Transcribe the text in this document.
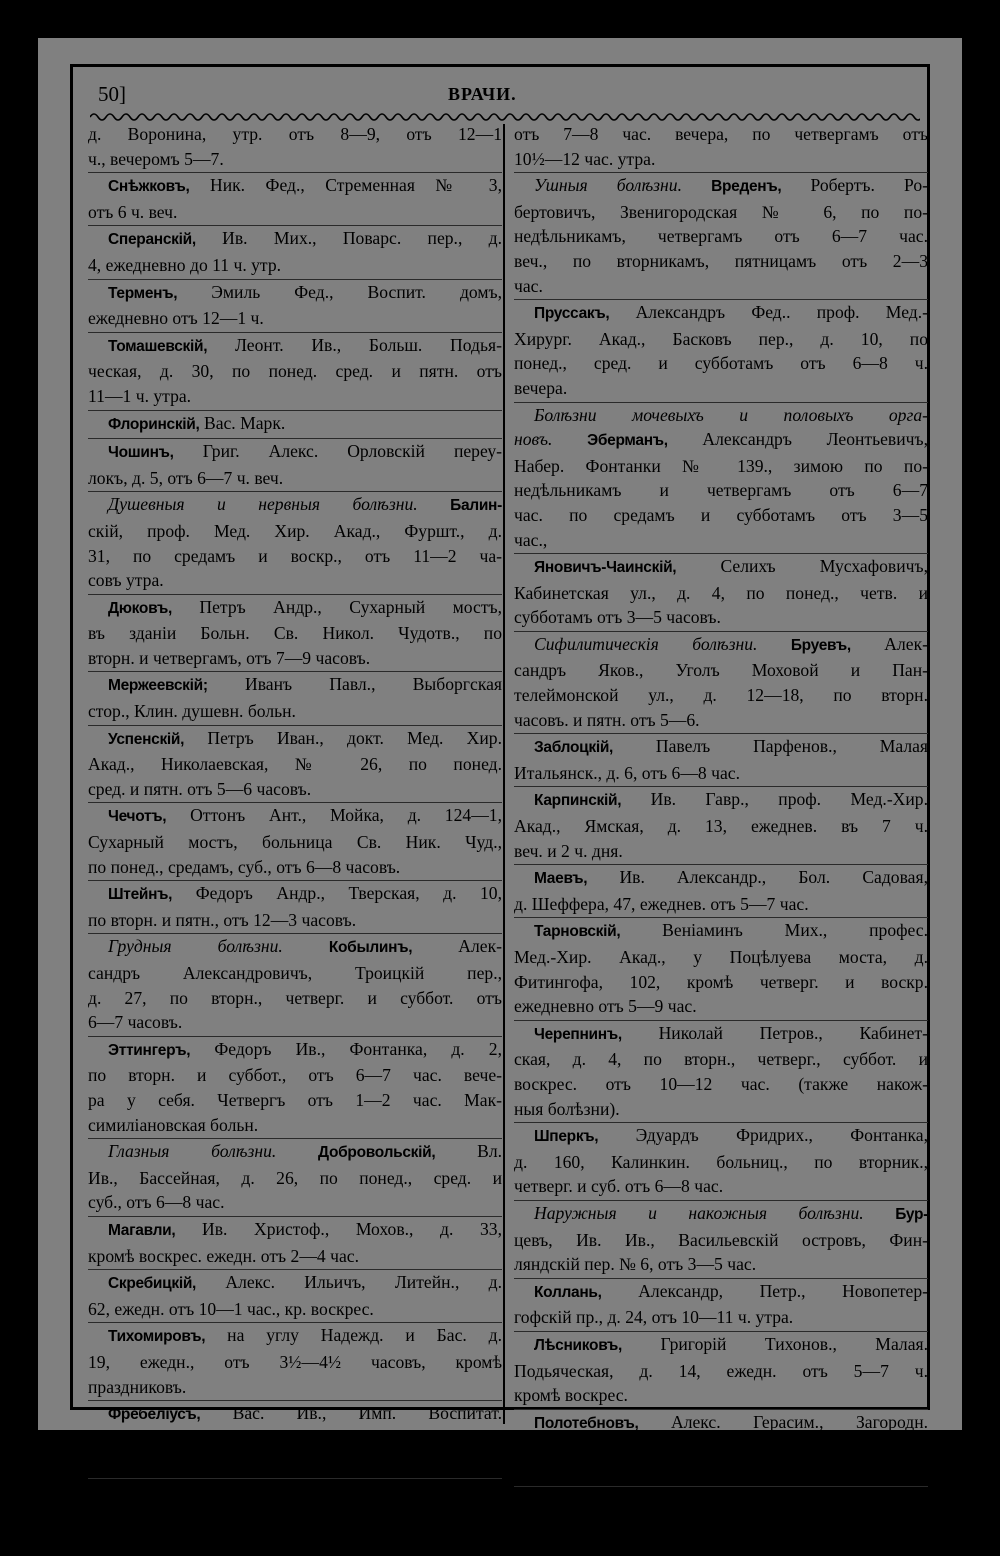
50]	ВРАЧИ.
д. Воронина, утр. отъ 8—9, отъ 12—1
ч., вечеромъ 5—7.
Снѣжковъ, Ник. Фед., Стременная № 3,
отъ 6 ч. веч.
Сперанскій, Ив. Мих., Поварс. пер., д.
4, ежедневно до 11 ч. утр.
Терменъ, Эмиль Фед., Воспит. домъ,
ежедневно отъ 12—1 ч.
Томашевскій, Леонт. Ив., Больш. Подья-
ческая, д. 30, по понед. сред. и пятн. отъ
11—1 ч. утра.
Флоринскій, Вас. Марк.
Чошинъ, Григ. Алекс. Орловскій переу-
локъ, д. 5, отъ 6—7 ч. веч.
Душевныя и нервныя болѣзни. Балин-
скій, проф. Мед. Хир. Акад., Фуршт., д.
31, по средамъ и воскр., отъ 11—2 ча-
совъ утра.
Дюковъ, Петръ Андр., Сухарный мостъ,
въ зданіи Больн. Св. Никол. Чудотв., по
вторн. и четвергамъ, отъ 7—9 часовъ.
Мержеевскій; Иванъ Павл., Выборгская
стор., Клин. душевн. больн.
Успенскій, Петръ Иван., докт. Мед. Хир.
Акад., Николаевская, № 26, по понед.
сред. и пятн. отъ 5—6 часовъ.
Чечотъ, Оттонъ Ант., Мойка, д. 124—1,
Сухарный мостъ, больница Св. Ник. Чуд.,
по понед., средамъ, суб., отъ 6—8 часовъ.
Штейнъ, Федоръ Андр., Тверская, д. 10,
по вторн. и пятн., отъ 12—3 часовъ.
Грудныя болѣзни.	Кобылинъ,	Алек-
сандръ Александровичъ, Троицкій пер.,
д. 27, по вторн., четверг. и суббот. отъ
6—7 часовъ.
Эттингеръ, Федоръ Ив., Фонтанка, д. 2,
по вторн. и суббот., отъ 6—7 час. вече-
ра у себя. Четвергъ отъ 1—2 час. Мак-
симиліановская больн.
Глазныя болѣзни.	Добровольскій, Вл.
Ив., Бассейная, д. 26, по понед., сред. и
суб., отъ 6—8 час.
Магавли, Ив. Христоф., Мохов., д. 33,
кромѣ воскрес. ежедн. отъ 2—4 час.
Скребицкій, Алекс. Ильичъ, Литейн., д.
62, ежедн. отъ 10—1 час., кр. воскрес.
Тихомировъ, на углу Надежд. и Бас. д.
19, ежедн., отъ 3½—4½ часовъ, кромѣ
праздниковъ.
Фребеліусъ, Вас. Ив., Имп. Воспитат.
Домъ, ежедн. отъ 12—2 часовъ. кромѣ
праздниковъ.
Юнге, Эдуардъ Андр., проф. М.-Х. Акад.,
Фурштадтск., д. 10. Глазн. леч.: Сергіевск.
ул., д. 3, по понед., вторн., сред., пятн.,
отъ 7—8 час. вечера, по четвергамъ отъ
10½—12 час. утра.
Ушныя болѣзни. Вреденъ, Робертъ. Ро-
бертовичъ, Звенигородская № 6, по по-
недѣльникамъ, четвергамъ отъ 6—7 час.
веч., по вторникамъ, пятницамъ отъ 2—3
час.
Пруссакъ, Александръ Фед.. проф. Мед.-
Хирург. Акад., Басковъ пер., д. 10, по
понед., сред. и субботамъ отъ 6—8 ч.
вечера.
Болѣзни мочевыхъ и половыхъ орга-
новъ. Эберманъ, Александръ Леонтьевичъ,
Набер. Фонтанки № 139., зимою по по-
недѣльникамъ и четвергамъ отъ 6—7
час. по средамъ и субботамъ отъ 3—5
час.,
Яновичъ-Чаинскій,	Селихъ Мусхафовичъ,
Кабинетская ул., д. 4, по понед., четв. и
субботамъ отъ 3—5 часовъ.
Сифилитическія болѣзни. Бруевъ, Алек-
сандръ Яков., Уголъ Моховой и Пан-
телеймонской ул., д. 12—18, по вторн.
часовъ. и пятн. отъ 5—6.
Заблоцкій, Павелъ Парфенов., Малая
Итальянск., д. 6, отъ 6—8 час.
Карпинскій, Ив. Гавр., проф. Мед.-Хир.
Акад., Ямская, д. 13, ежеднев. въ 7 ч.
веч. и 2 ч. дня.
Маевъ, Ив. Александр., Бол. Садовая,
д. Шеффера, 47, ежеднев. отъ 5—7 час.
Тарновскій, Веніаминъ Мих., профес.
Мед.-Хир. Акад., у Поцѣлуева моста, д.
Фитингофа, 102, кромѣ четверг. и воскр.
ежедневно отъ 5—9 час.
Черепнинъ, Николай Петров., Кабинет-
ская, д. 4, по вторн., четверг., суббот. и
воскрес. отъ 10—12 час. (также накож-
ныя болѣзни).
Шперкъ, Эдуардъ Фридрих., Фонтанка,
д. 160, Калинкин. больниц., по вторник.,
четверг. и суб. отъ 6—8 час.
Наружныя и накожныя болѣзни. Бур-
цевъ, Ив. Ив., Васильевскій островъ, Фин-
ляндскій пер. № 6, отъ 3—5 час.
Коллань, Александр, Петр., Новопетер-
гофскій пр., д. 24, отъ 10—11 ч. утра.
Лѣсниковъ, Григорій Тихонов., Малая.
Подьяческая, д. 14, ежедн. отъ 5—7 ч.
кромѣ воскрес.
Полотебновъ, Алекс. Герасим., Загородн.
пр., д. 14, по воскресеньямъ и сред. отъ
11—2 час.
Стуковенковъ, Мих. Ив., Моховая, д.
18, по вторн. и пятн. отъ 6—7 час.
